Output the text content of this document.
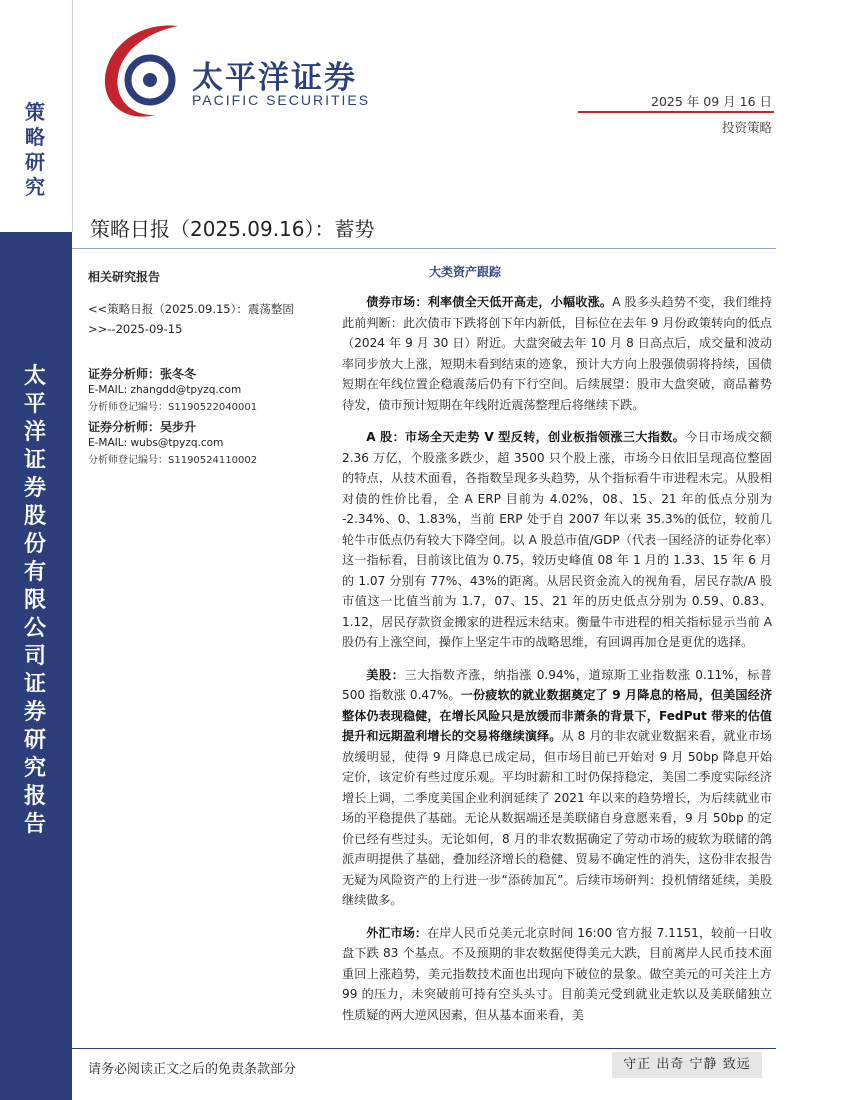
策略研究
太平洋证券股份有限公司证券研究报告
太平洋证券
PACIFIC SECURITIES	2025 年 09 月 16 日
投资策略
策略日报（2025.09.16）：蓄势
相关研究报告
<<策略日报（2025.09.15）：震荡整固>>--2025-09-15
证券分析师：张冬冬
E-MAIL: zhangdd@tpyzq.com
分析师登记编号：S1190522040001
证券分析师：吴步升
E-MAIL: wubs@tpyzq.com
分析师登记编号：S1190524110002
大类资产跟踪

债券市场：利率债全天低开高走，小幅收涨。A 股多头趋势不变，我们维持此前判断：此次债市下跌将创下年内新低，目标位在去年 9 月份政策转向的低点（2024 年 9 月 30 日）附近。大盘突破去年 10 月 8 日高点后，成交量和波动率同步放大上涨，短期未看到结束的迹象，预计大方向上股强债弱将持续，国债短期在年线位置企稳震荡后仍有下行空间。后续展望：股市大盘突破，商品蓄势待发，债市预计短期在年线附近震荡整理后将继续下跌。

A 股：市场全天走势 V 型反转，创业板指领涨三大指数。今日市场成交额 2.36 万亿，个股涨多跌少，超 3500 只个股上涨，市场今日依旧呈现高位整固的特点，从技术面看，各指数呈现多头趋势，从个指标看牛市进程未完。从股相对债的性价比看，全 A ERP 目前为 4.02%，08、15、21 年的低点分别为 -2.34%、0、1.83%，当前 ERP 处于自 2007 年以来 35.3%的低位，较前几轮牛市低点仍有较大下降空间。以 A 股总市值/GDP（代表一国经济的证券化率）这一指标看，目前该比值为 0.75，较历史峰值 08 年 1 月的 1.33、15 年 6 月的 1.07 分别有 77%、43%的距离。从居民资金流入的视角看，居民存款/A 股市值这一比值当前为 1.7，07、15、21 年的历史低点分别为 0.59、0.83、1.12，居民存款资金搬家的进程远未结束。衡量牛市进程的相关指标显示当前 A 股仍有上涨空间，操作上坚定牛市的战略思维，有回调再加仓是更优的选择。

美股：三大指数齐涨，纳指涨 0.94%，道琼斯工业指数涨 0.11%，标普 500 指数涨 0.47%。一份疲软的就业数据奠定了 9 月降息的格局，但美国经济整体仍表现稳健，在增长风险只是放缓而非萧条的背景下，FedPut 带来的估值提升和远期盈利增长的交易将继续演绎。从 8 月的非农就业数据来看，就业市场放缓明显，使得 9 月降息已成定局，但市场目前已开始对 9 月 50bp 降息开始定价，该定价有些过度乐观。平均时薪和工时仍保持稳定，美国二季度实际经济增长上调，二季度美国企业利润延续了 2021 年以来的趋势增长，为后续就业市场的平稳提供了基础。无论从数据端还是美联储自身意愿来看，9 月 50bp 的定价已经有些过头。无论如何，8 月的非农数据确定了劳动市场的疲软为联储的鸽派声明提供了基础，叠加经济增长的稳健、贸易不确定性的消失，这份非农报告无疑为风险资产的上行进一步“添砖加瓦”。后续市场研判：投机情绪延续，美股继续做多。

外汇市场：在岸人民币兑美元北京时间 16:00 官方报 7.1151，较前一日收盘下跌 83 个基点。不及预期的非农数据使得美元大跌，目前离岸人民币技术面重回上涨趋势，美元指数技术面也出现向下破位的景象。做空美元的可关注上方 99 的压力，未突破前可持有空头头寸。目前美元受到就业走软以及美联储独立性质疑的两大逆风因素，但从基本面来看，美

请务必阅读正文之后的免责条款部分	守正 出奇 宁静 致远
